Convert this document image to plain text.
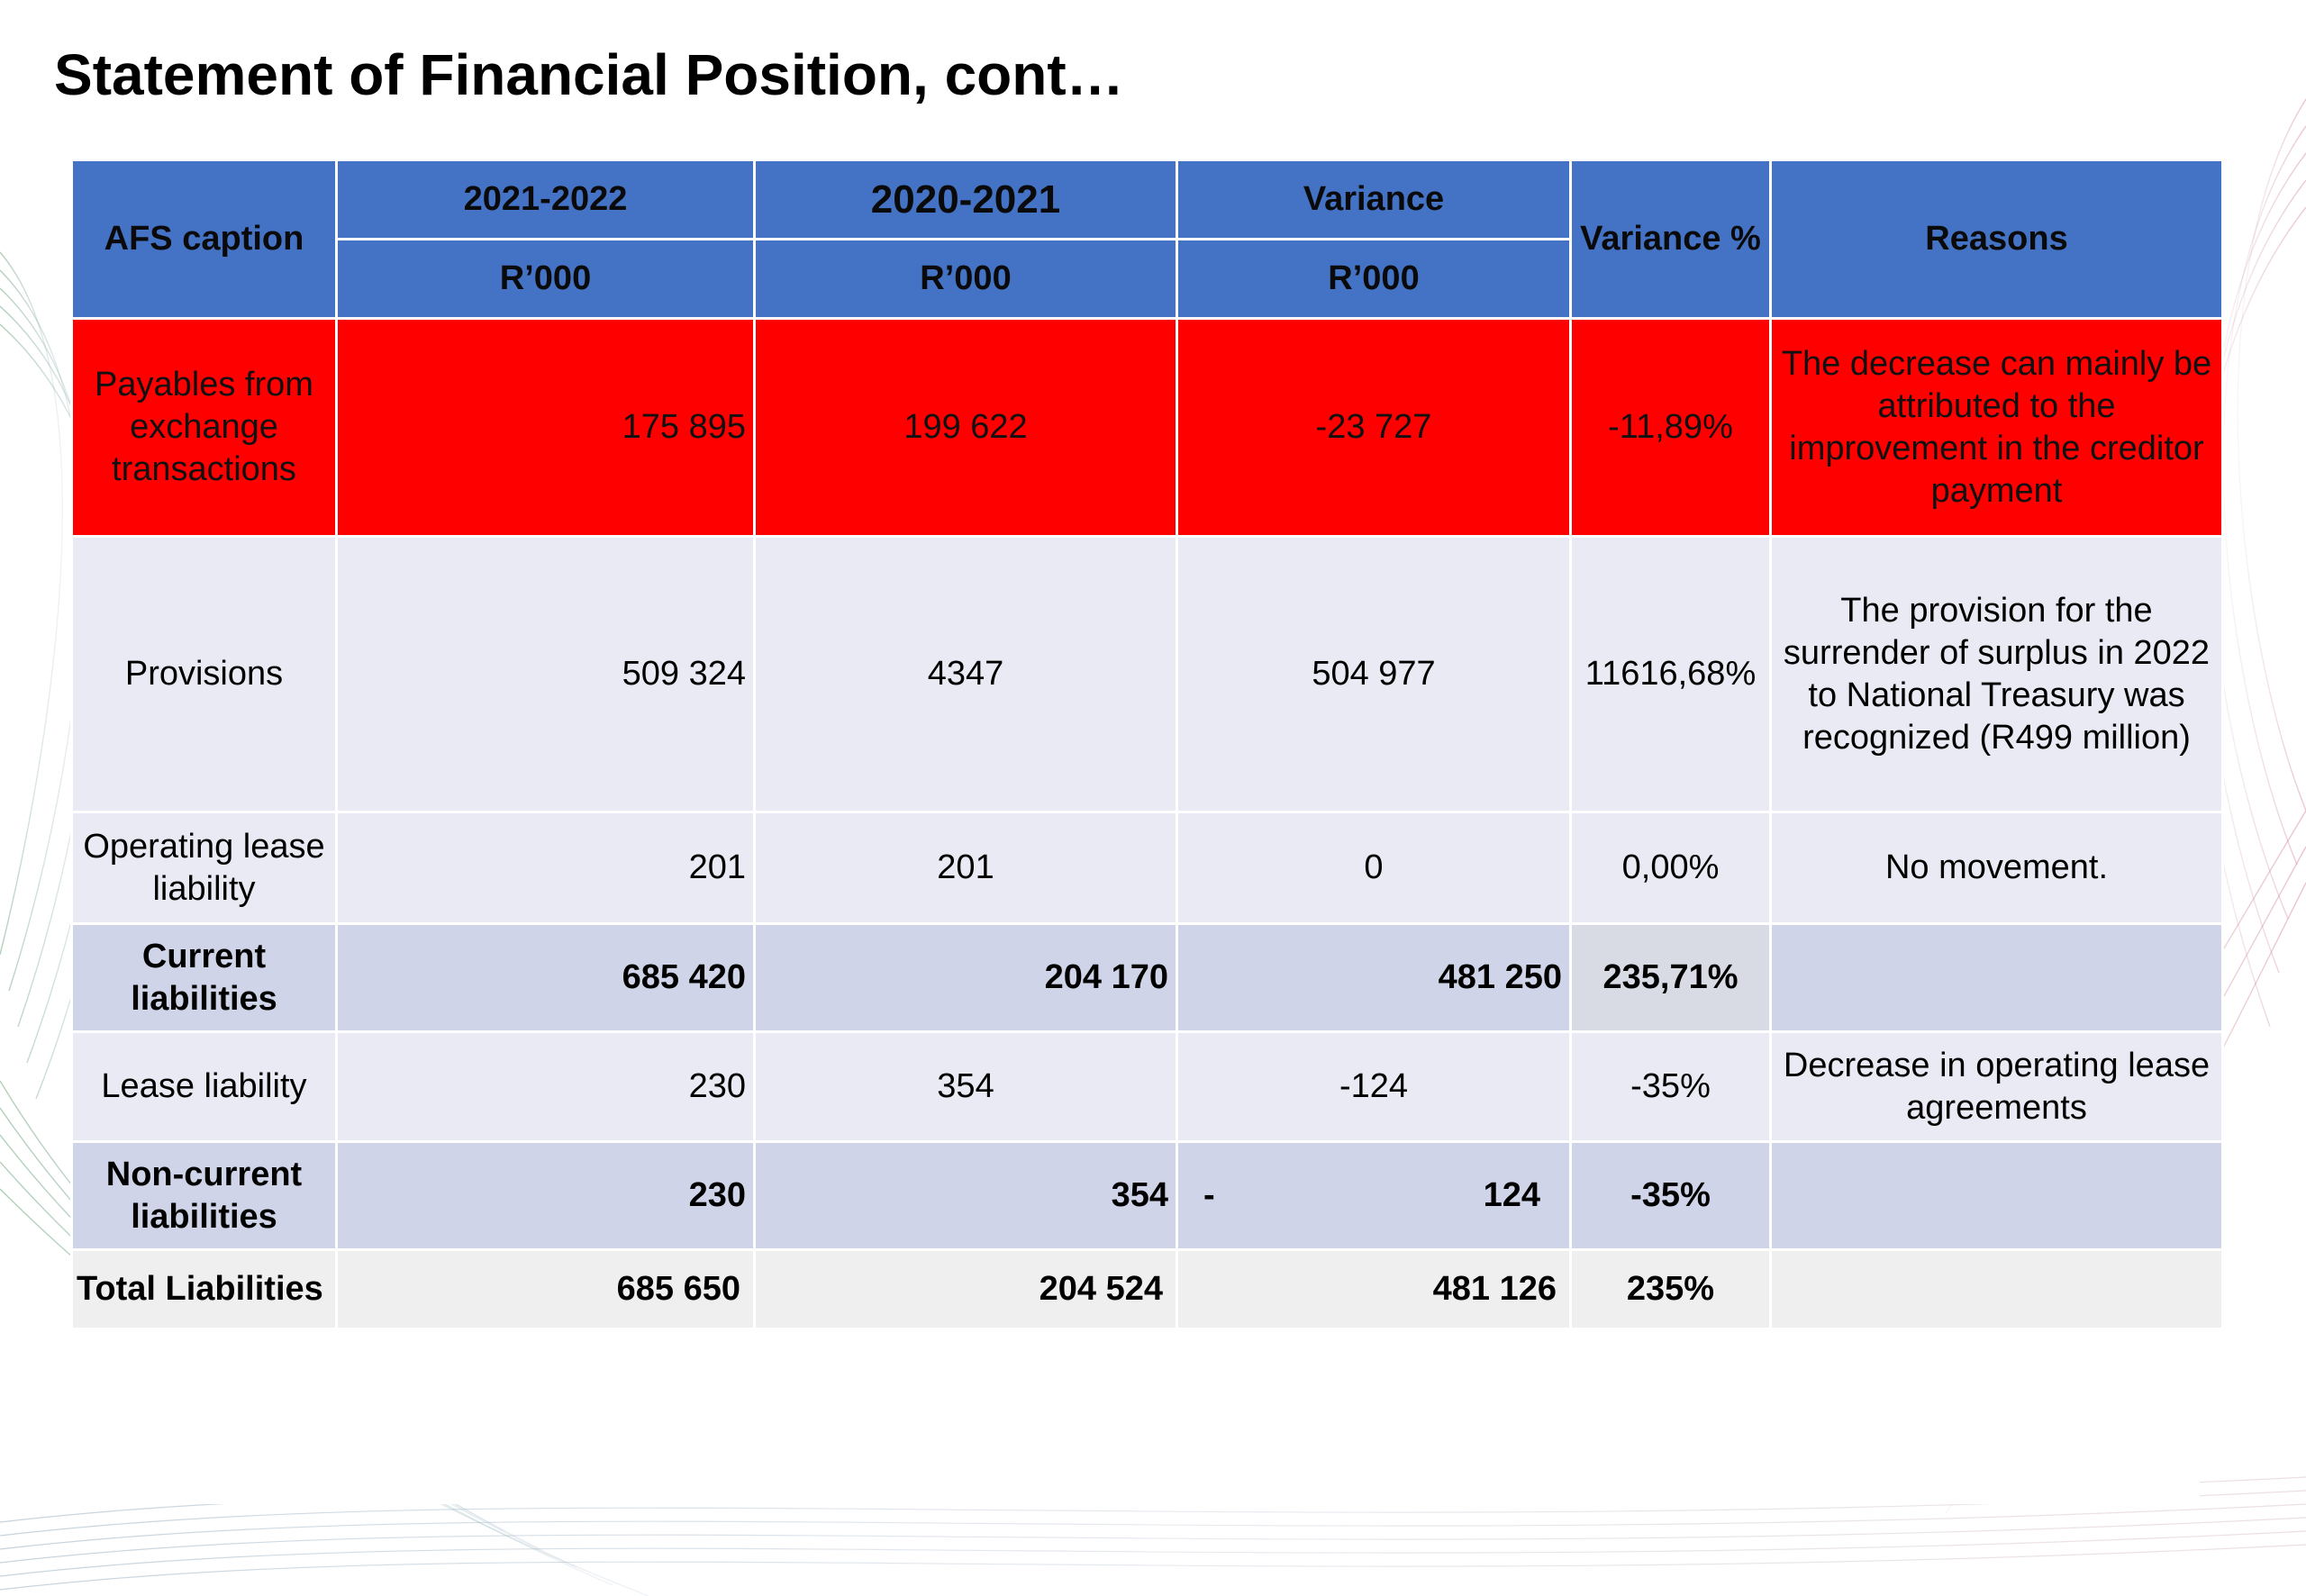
Statement of Financial Position, cont…
AFS caption	2021-2022	2020-2021	Variance	Variance %	Reasons
	R’000	R’000	R’000		
Payables from exchange transactions	175 895	199 622	-23 727	-11,89%	The decrease can mainly be attributed to the improvement in the creditor payment
Provisions	509 324	4347	504 977	11616,68%	The provision for the surrender of surplus in 2022 to National Treasury was recognized (R499 million)
Operating lease liability	201	201	0	0,00%	No movement.
Current liabilities	685 420	204 170	481 250	235,71%	
Lease liability	230	354	-124	-35%	Decrease in operating lease agreements
Non-current liabilities	230	354	- 124	-35%	
Total Liabilities	685 650	204 524	481 126	235%	
